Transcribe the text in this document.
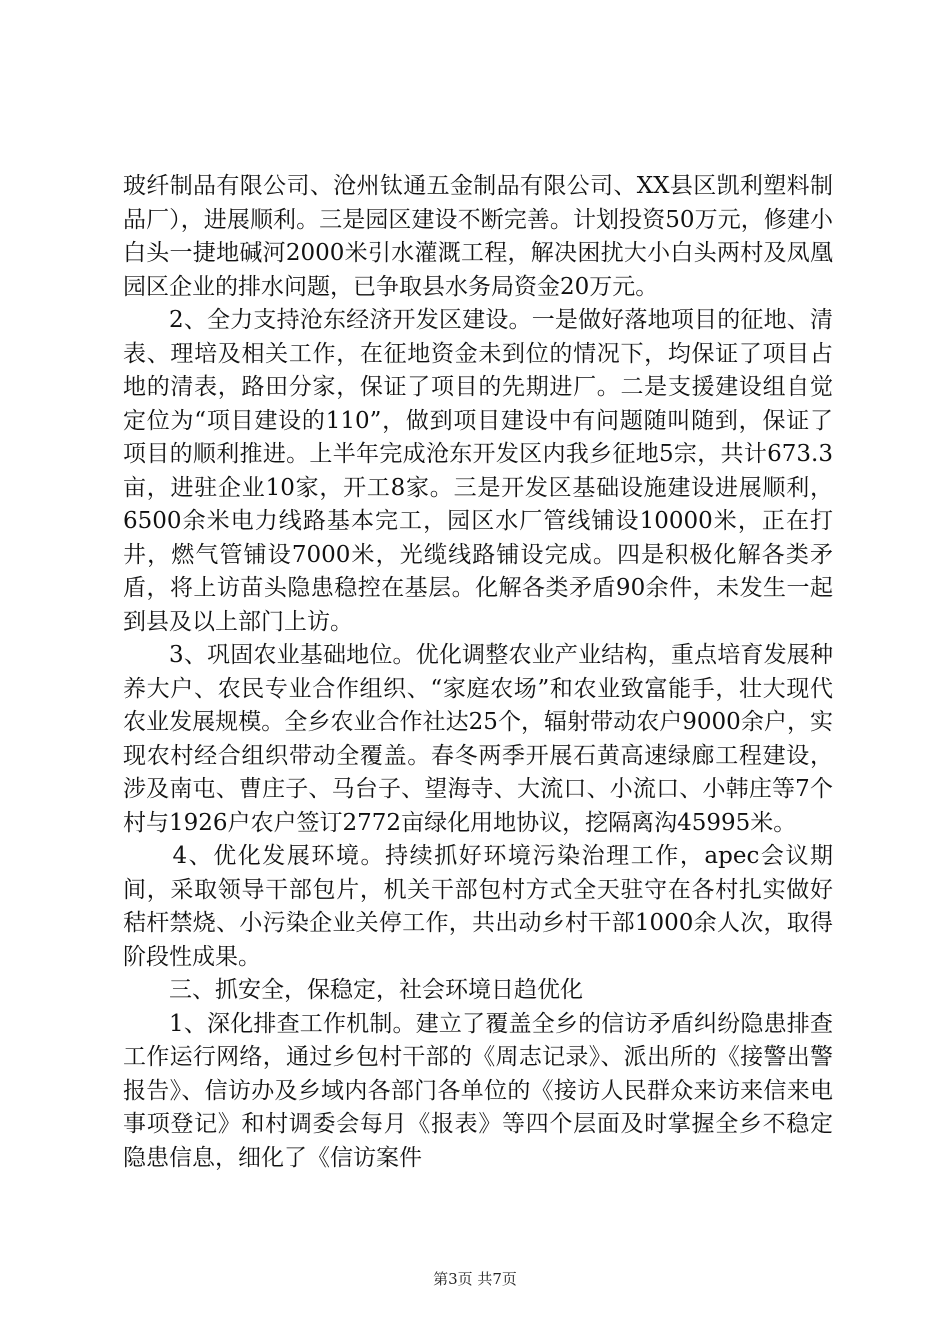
玻纤制品有限公司、沧州钛通五金制品有限公司、XX县区凯利塑料制品厂），进展顺利。三是园区建设不断完善。计划投资50万元，修建小白头一捷地碱河2000米引水灌溉工程，解决困扰大小白头两村及凤凰园区企业的排水问题，已争取县水务局资金20万元。

2、全力支持沧东经济开发区建设。一是做好落地项目的征地、清表、理培及相关工作，在征地资金未到位的情况下，均保证了项目占地的清表，路田分家，保证了项目的先期进厂。二是支援建设组自觉定位为“项目建设的110”，做到项目建设中有问题随叫随到，保证了项目的顺利推进。上半年完成沧东开发区内我乡征地5宗，共计673.3亩，进驻企业10家，开工8家。三是开发区基础设施建设进展顺利，6500余米电力线路基本完工，园区水厂管线铺设10000米，正在打井，燃气管铺设7000米，光缆线路铺设完成。四是积极化解各类矛盾，将上访苗头隐患稳控在基层。化解各类矛盾90余件，未发生一起到县及以上部门上访。

3、巩固农业基础地位。优化调整农业产业结构，重点培育发展种养大户、农民专业合作组织、“家庭农场”和农业致富能手，壮大现代农业发展规模。全乡农业合作社达25个，辐射带动农户9000余户，实现农村经合组织带动全覆盖。春冬两季开展石黄高速绿廊工程建设，涉及南屯、曹庄子、马台子、望海寺、大流口、小流口、小韩庄等7个村与1926户农户签订2772亩绿化用地协议，挖隔离沟45995米。

4、优化发展环境。持续抓好环境污染治理工作，apec会议期间，采取领导干部包片，机关干部包村方式全天驻守在各村扎实做好秸杆禁烧、小污染企业关停工作，共出动乡村干部1000余人次，取得阶段性成果。

三、抓安全，保稳定，社会环境日趋优化

1、深化排查工作机制。建立了覆盖全乡的信访矛盾纠纷隐患排查工作运行网络，通过乡包村干部的《周志记录》、派出所的《接警出警报告》、信访办及乡域内各部门各单位的《接访人民群众来访来信来电事项登记》和村调委会每月《报表》等四个层面及时掌握全乡不稳定隐患信息，细化了《信访案件

第3页 共7页
